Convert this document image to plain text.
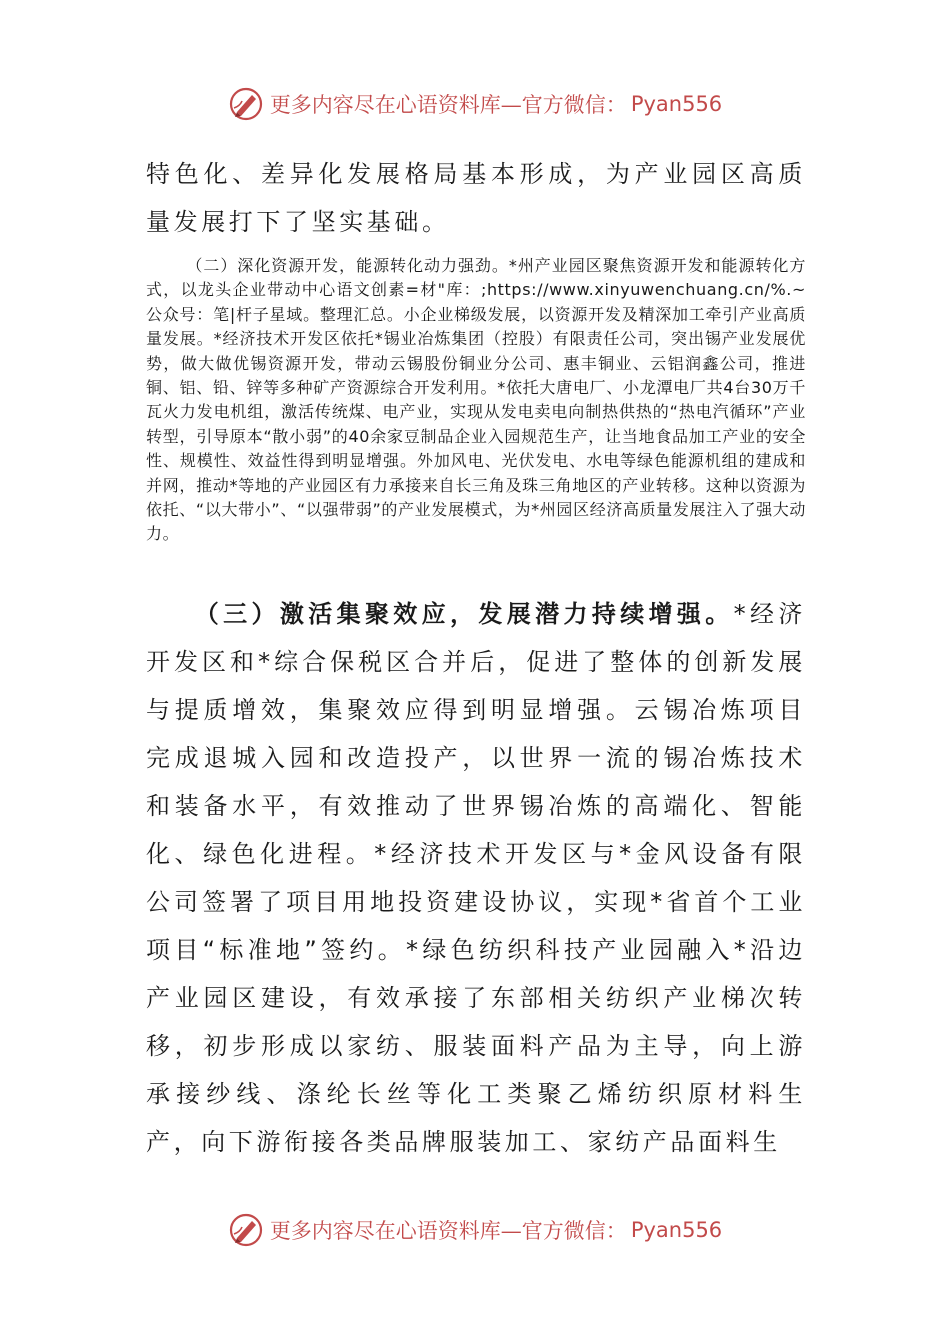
更多内容尽在心语资料库—官方微信： Pyan556

特色化、差异化发展格局基本形成，为产业园区高质量发展打下了坚实基础。

（二）深化资源开发，能源转化动力强劲。*州产业园区聚焦资源开发和能源转化方式，以龙头企业带动中心语文创素=材"库：;https://www.xinyuwenchuang.cn/%.~公众号：笔|杆子星域。整理汇总。小企业梯级发展，以资源开发及精深加工牵引产业高质量发展。*经济技术开发区依托*锡业冶炼集团（控股）有限责任公司，突出锡产业发展优势，做大做优锡资源开发，带动云锡股份铜业分公司、惠丰铜业、云铝润鑫公司，推进铜、铝、铅、锌等多种矿产资源综合开发利用。*依托大唐电厂、小龙潭电厂共4台30万千瓦火力发电机组，激活传统煤、电产业，实现从发电卖电向制热供热的“热电汽循环”产业转型，引导原本“散小弱”的40余家豆制品企业入园规范生产，让当地食品加工产业的安全性、规模性、效益性得到明显增强。外加风电、光伏发电、水电等绿色能源机组的建成和并网，推动*等地的产业园区有力承接来自长三角及珠三角地区的产业转移。这种以资源为依托、“以大带小”、“以强带弱”的产业发展模式，为*州园区经济高质量发展注入了强大动力。

（三）激活集聚效应，发展潜力持续增强。*经济开发区和*综合保税区合并后，促进了整体的创新发展与提质增效，集聚效应得到明显增强。云锡冶炼项目完成退城入园和改造投产，以世界一流的锡冶炼技术和装备水平，有效推动了世界锡冶炼的高端化、智能化、绿色化进程。*经济技术开发区与*金风设备有限公司签署了项目用地投资建设协议，实现*省首个工业项目“标准地”签约。*绿色纺织科技产业园融入*沿边产业园区建设，有效承接了东部相关纺织产业梯次转移，初步形成以家纺、服装面料产品为主导，向上游承接纱线、涤纶长丝等化工类聚乙烯纺织原材料生产，向下游衔接各类品牌服装加工、家纺产品面料生

更多内容尽在心语资料库—官方微信： Pyan556
